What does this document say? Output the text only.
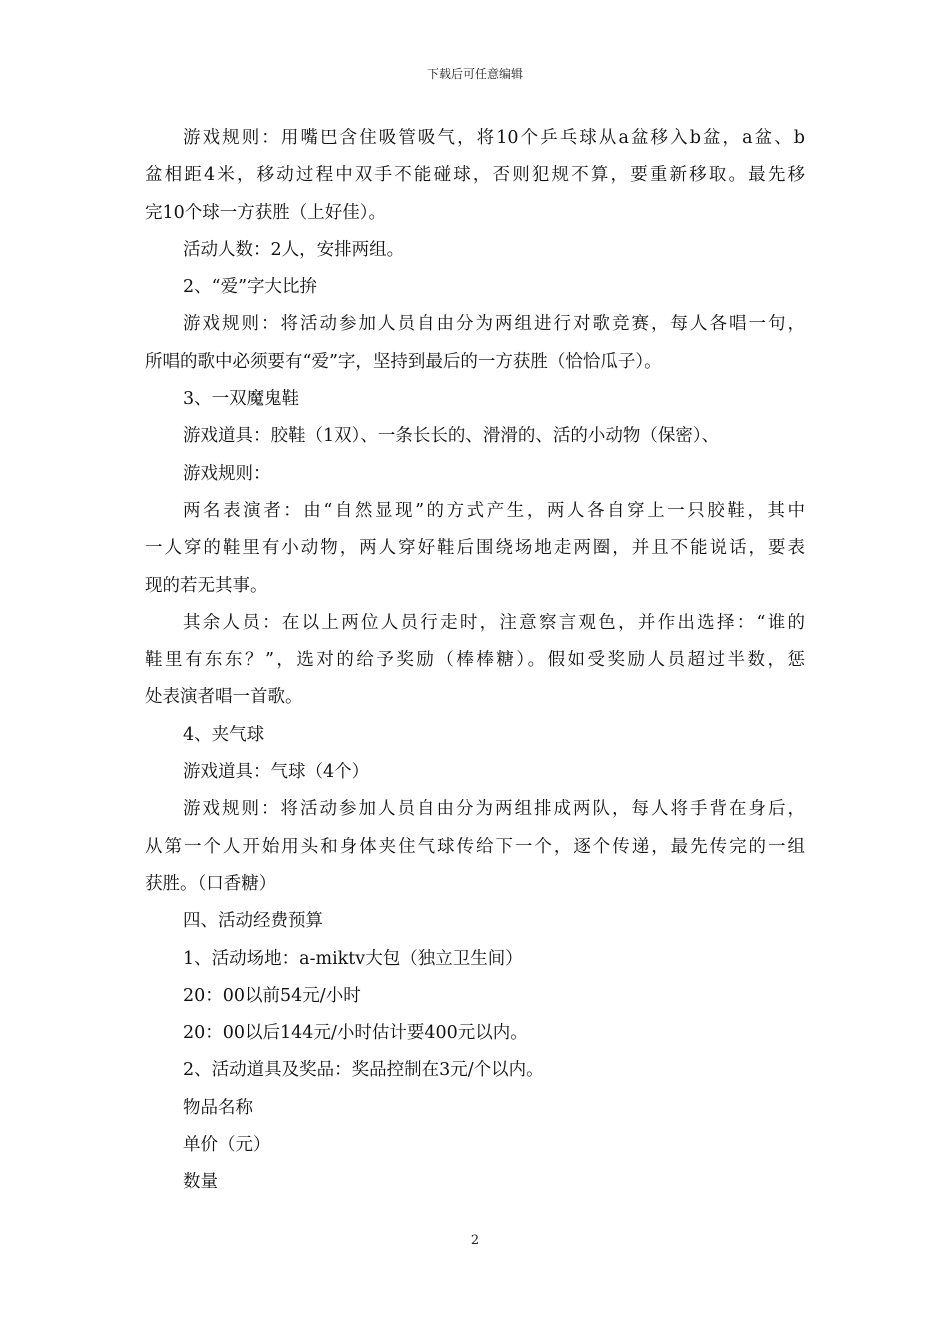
下载后可任意编辑
游戏规则：用嘴巴含住吸管吸气，将10个乒乓球从a盆移入b盆，a盆、b
盆相距4米，移动过程中双手不能碰球，否则犯规不算，要重新移取。最先移
完10个球一方获胜（上好佳）。
活动人数：2人，安排两组。
2、“爱”字大比拚
游戏规则：将活动参加人员自由分为两组进行对歌竞赛，每人各唱一句，
所唱的歌中必须要有“爱”字，坚持到最后的一方获胜（恰恰瓜子）。
3、一双魔鬼鞋
游戏道具：胶鞋（1双）、一条长长的、滑滑的、活的小动物（保密）、
游戏规则：
两名表演者：由“自然显现”的方式产生，两人各自穿上一只胶鞋，其中
一人穿的鞋里有小动物，两人穿好鞋后围绕场地走两圈，并且不能说话，要表
现的若无其事。
其余人员：在以上两位人员行走时，注意察言观色，并作出选择：“谁的
鞋里有东东？”，选对的给予奖励（棒棒糖）。假如受奖励人员超过半数，惩
处表演者唱一首歌。
4、夹气球
游戏道具：气球（4个）
游戏规则：将活动参加人员自由分为两组排成两队，每人将手背在身后，
从第一个人开始用头和身体夹住气球传给下一个，逐个传递，最先传完的一组
获胜。（口香糖）
四、活动经费预算
1、活动场地：a-miktv大包（独立卫生间）
20：00以前54元/小时
20：00以后144元/小时估计要400元以内。
2、活动道具及奖品：奖品控制在3元/个以内。
物品名称
单价（元）
数量
2
